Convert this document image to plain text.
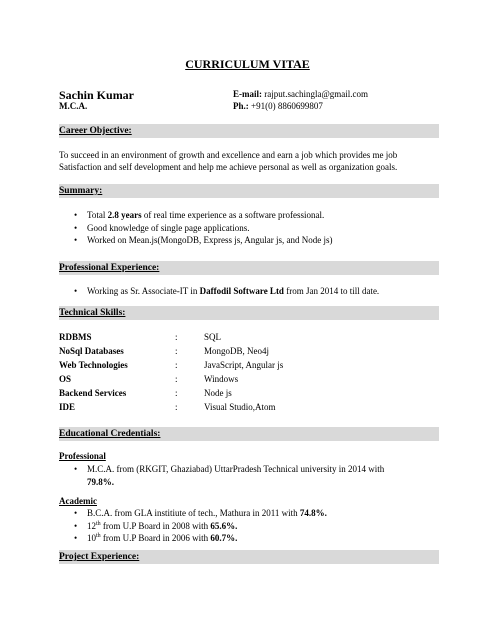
CURRICULUM VITAE
Sachin Kumar
M.C.A.
E-mail: rajput.sachingla@gmail.com
Ph.: +91(0) 8860699807
Career Objective:
To succeed in an environment of growth and excellence and earn a job which provides me job
Satisfaction and self development and help me achieve personal as well as organization goals.
Summary:
• Total 2.8 years of real time experience as a software professional.
• Good knowledge of single page applications.
• Worked on Mean.js(MongoDB, Express js, Angular js, and Node js)
Professional Experience:
• Working as Sr. Associate-IT in Daffodil Software Ltd from Jan 2014 to till date.
Technical Skills:
RDBMS	:	SQL
NoSql Databases	:	MongoDB, Neo4j
Web Technologies	:	JavaScript, Angular js
OS	:	Windows
Backend Services	:	Node js
IDE	:	Visual Studio,Atom
Educational Credentials:
Professional
• M.C.A. from (RKGIT, Ghaziabad) UttarPradesh Technical university in 2014 with
79.8%.
Academic
• B.C.A. from GLA institiute of tech., Mathura in 2011 with 74.8%.
• 12th from U.P Board in 2008 with 65.6%.
• 10th from U.P Board in 2006 with 60.7%.
Project Experience:
